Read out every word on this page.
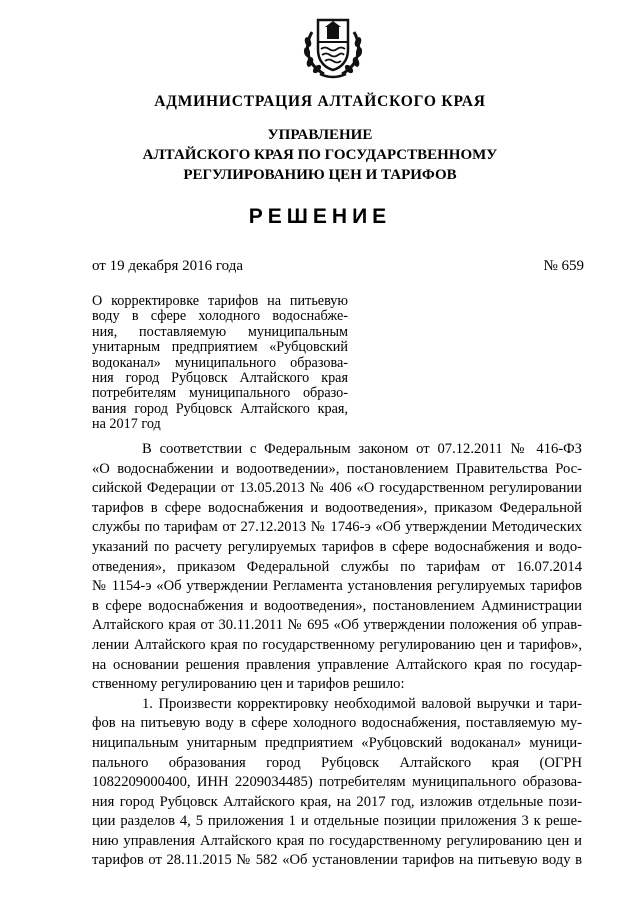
АДМИНИСТРАЦИЯ АЛТАЙСКОГО КРАЯ
УПРАВЛЕНИЕ
АЛТАЙСКОГО КРАЯ ПО ГОСУДАРСТВЕННОМУ
РЕГУЛИРОВАНИЮ ЦЕН И ТАРИФОВ
РЕШЕНИЕ
от 19 декабря 2016 года	№ 659
О корректировке тарифов на питьевую
воду в сфере холодного водоснабже-
ния, поставляемую муниципальным
унитарным предприятием «Рубцовский
водоканал» муниципального образова-
ния город Рубцовск Алтайского края
потребителям муниципального образо-
вания город Рубцовск Алтайского края,
на 2017 год
В соответствии с Федеральным законом от 07.12.2011 № 416-ФЗ
«О водоснабжении и водоотведении», постановлением Правительства Рос-
сийской Федерации от 13.05.2013 № 406 «О государственном регулировании
тарифов в сфере водоснабжения и водоотведения», приказом Федеральной
службы по тарифам от 27.12.2013 № 1746-э «Об утверждении Методических
указаний по расчету регулируемых тарифов в сфере водоснабжения и водо-
отведения», приказом Федеральной службы по тарифам от 16.07.2014
№ 1154-э «Об утверждении Регламента установления регулируемых тарифов
в сфере водоснабжения и водоотведения», постановлением Администрации
Алтайского края от 30.11.2011 № 695 «Об утверждении положения об управ-
лении Алтайского края по государственному регулированию цен и тарифов»,
на основании решения правления управление Алтайского края по государ-
ственному регулированию цен и тарифов решило:
1. Произвести корректировку необходимой валовой выручки и тари-
фов на питьевую воду в сфере холодного водоснабжения, поставляемую му-
ниципальным унитарным предприятием «Рубцовский водоканал» муници-
пального образования город Рубцовск Алтайского края (ОГРН
1082209000400, ИНН 2209034485) потребителям муниципального образова-
ния город Рубцовск Алтайского края, на 2017 год, изложив отдельные пози-
ции разделов 4, 5 приложения 1 и отдельные позиции приложения 3 к реше-
нию управления Алтайского края по государственному регулированию цен и
тарифов от 28.11.2015 № 582 «Об установлении тарифов на питьевую воду в
